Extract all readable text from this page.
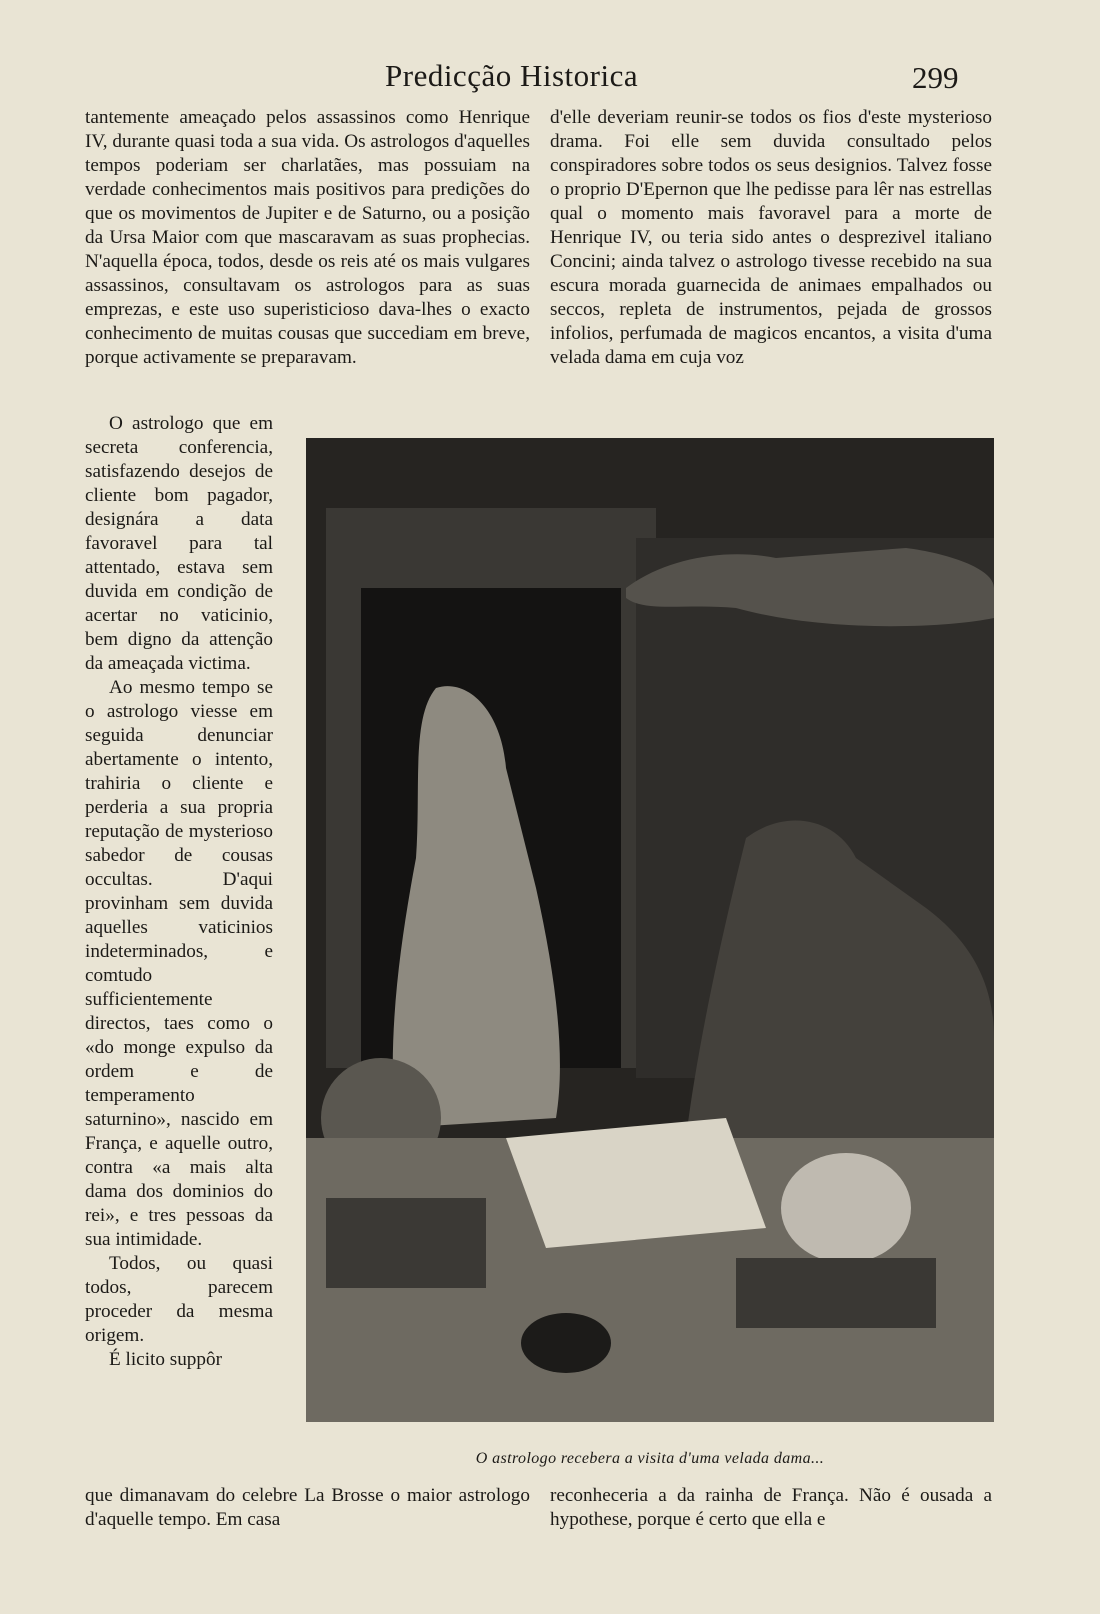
Predicção Historica	299

tantemente ameaçado pelos assassinos como Henrique IV, durante quasi toda a sua vida. Os astrologos d'aquelles tempos poderiam ser charlatães, mas possuiam na verdade conhecimentos mais positivos para predições do que os movimentos de Jupiter e de Saturno, ou a posição da Ursa Maior com que mascaravam as suas prophecias. N'aquella época, todos, desde os reis até os mais vulgares assassinos, consultavam os astrologos para as suas emprezas, e este uso superisticioso dava-lhes o exacto conhecimento de muitas cousas que succediam em breve, porque activamente se preparavam.

d'elle deveriam reunir-se todos os fios d'este mysterioso drama. Foi elle sem duvida consultado pelos conspiradores sobre todos os seus designios. Talvez fosse o proprio D'Epernon que lhe pedisse para lêr nas estrellas qual o momento mais favoravel para a morte de Henrique IV, ou teria sido antes o desprezivel italiano Concini; ainda talvez o astrologo tivesse recebido na sua escura morada guarnecida de animaes empalhados ou seccos, repleta de instrumentos, pejada de grossos infolios, perfumada de magicos encantos, a visita d'uma velada dama em cuja voz

O astrologo que em secreta conferencia, satisfazendo desejos de cliente bom pagador, designára a data favoravel para tal attentado, estava sem duvida em condição de acertar no vaticinio, bem digno da attenção da ameaçada victima.

Ao mesmo tempo se o astrologo viesse em seguida denunciar abertamente o intento, trahiria o cliente e perderia a sua propria reputação de mysterioso sabedor de cousas occultas. D'aqui provinham sem duvida aquelles vaticinios indeterminados, e comtudo sufficientemente directos, taes como o «do monge expulso da ordem e de temperamento saturnino», nascido em França, e aquelle outro, contra «a mais alta dama dos dominios do rei», e tres pessoas da sua intimidade.

Todos, ou quasi todos, parecem proceder da mesma origem.

É licito suppôr

O astrologo recebera a visita d'uma velada dama...

que dimanavam do celebre La Brosse o maior astrologo d'aquelle tempo. Em casa

reconheceria a da rainha de França. Não é ousada a hypothese, porque é certo que ella e
